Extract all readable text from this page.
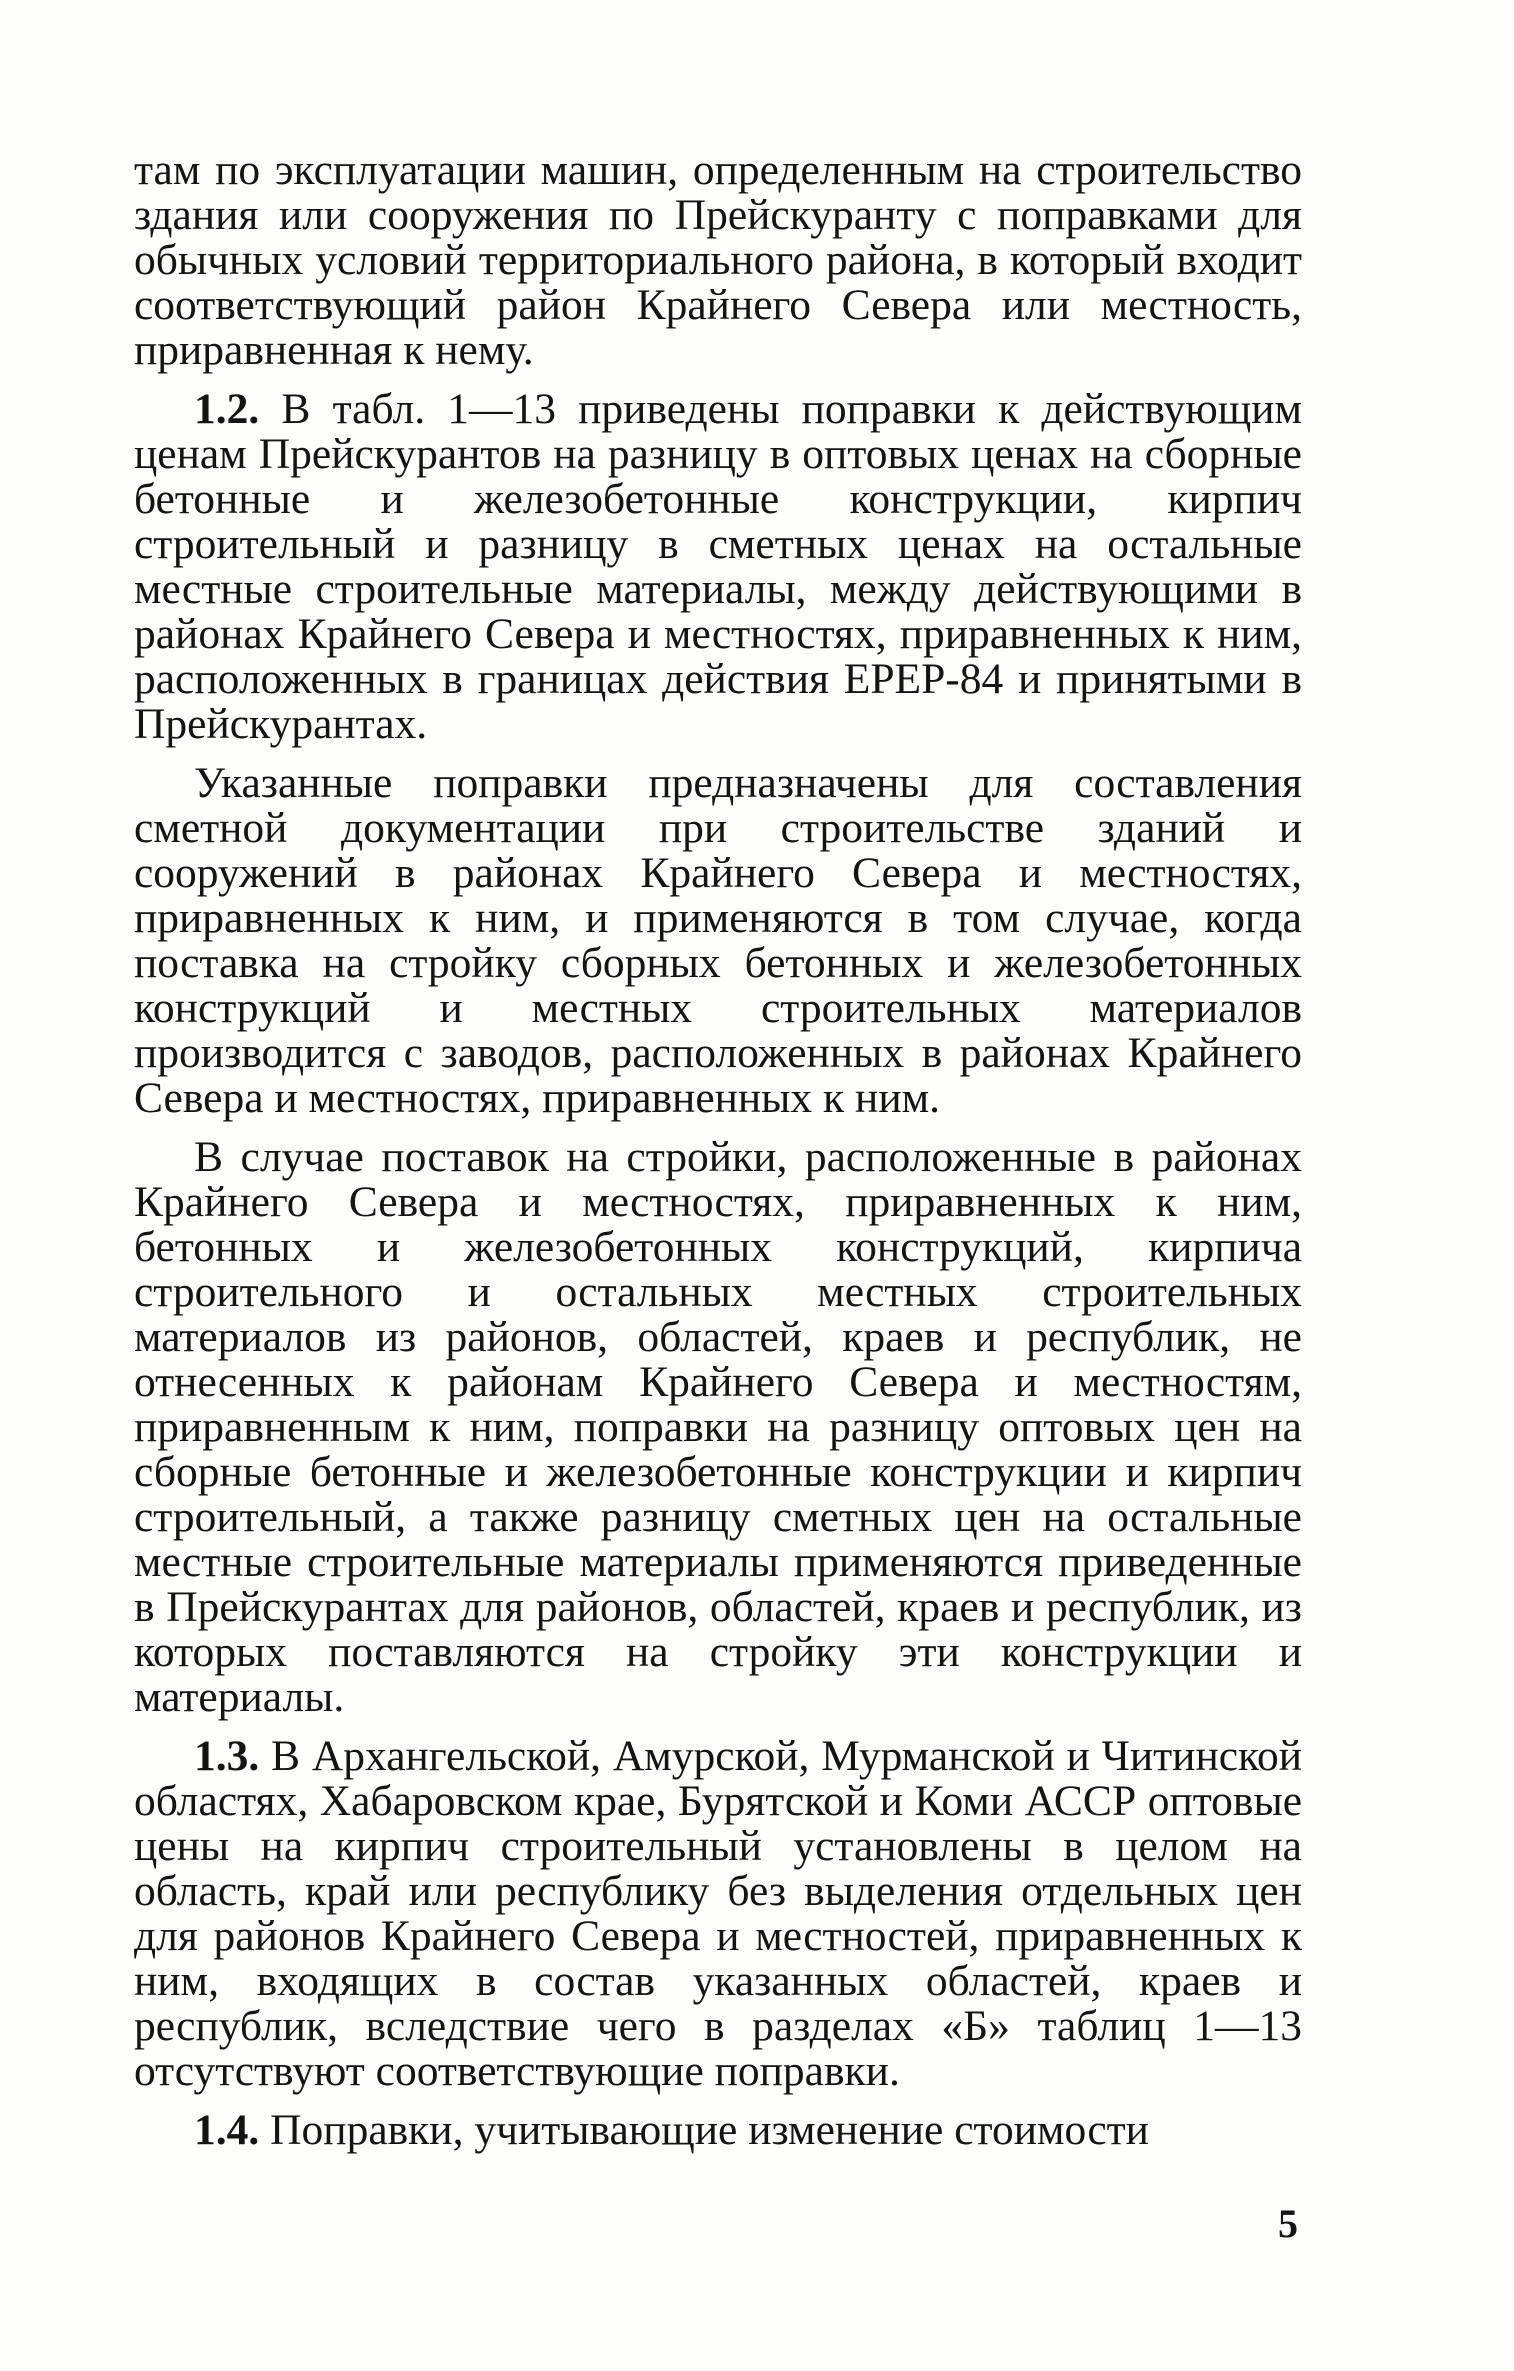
там по эксплуатации машин, определенным на строительство здания или сооружения по Прейскуранту с поправками для обычных условий территориального района, в который входит соответствующий район Крайнего Севера или местность, приравненная к нему.

1.2. В табл. 1—13 приведены поправки к действующим ценам Прейскурантов на разницу в оптовых ценах на сборные бетонные и железобетонные конструкции, кирпич строительный и разницу в сметных ценах на остальные местные строительные материалы, между действующими в районах Крайнего Севера и местностях, приравненных к ним, расположенных в границах действия ЕРЕР-84 и принятыми в Прейскурантах.

Указанные поправки предназначены для составления сметной документации при строительстве зданий и сооружений в районах Крайнего Севера и местностях, приравненных к ним, и применяются в том случае, когда поставка на стройку сборных бетонных и железобетонных конструкций и местных строительных материалов производится с заводов, расположенных в районах Крайнего Севера и местностях, приравненных к ним.

В случае поставок на стройки, расположенные в районах Крайнего Севера и местностях, приравненных к ним, бетонных и железобетонных конструкций, кирпича строительного и остальных местных строительных материалов из районов, областей, краев и республик, не отнесенных к районам Крайнего Севера и местностям, приравненным к ним, поправки на разницу оптовых цен на сборные бетонные и железобетонные конструкции и кирпич строительный, а также разницу сметных цен на остальные местные строительные материалы применяются приведенные в Прейскурантах для районов, областей, краев и республик, из которых поставляются на стройку эти конструкции и материалы.

1.3. В Архангельской, Амурской, Мурманской и Читинской областях, Хабаровском крае, Бурятской и Коми АССР оптовые цены на кирпич строительный установлены в целом на область, край или республику без выделения отдельных цен для районов Крайнего Севера и местностей, приравненных к ним, входящих в состав указанных областей, краев и республик, вследствие чего в разделах «Б» таблиц 1—13 отсутствуют соответствующие поправки.

1.4. Поправки, учитывающие изменение стоимости

5
